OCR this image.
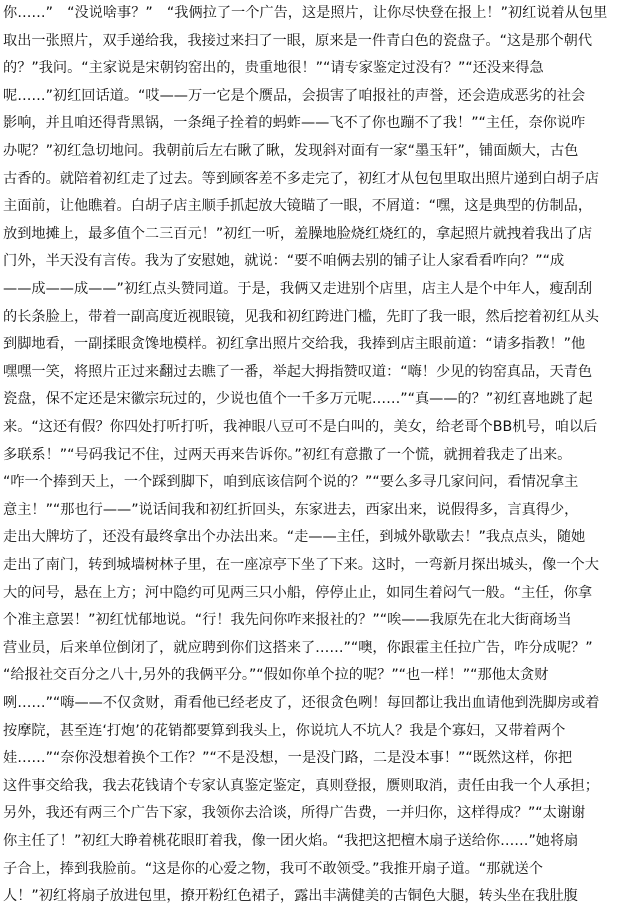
你……”　“没说啥事？”　“我俩拉了一个广告，这是照片，让你尽快登在报上！”初红说着从包里
取出一张照片，双手递给我，我接过来扫了一眼，原来是一件青白色的瓷盘子。“这是那个朝代
的？”我问。“主家说是宋朝钧窑出的，贵重地很！”“请专家鉴定过没有？”“还没来得急
呢……”初红回话道。“哎——万一它是个赝品，会损害了咱报社的声誉，还会造成恶劣的社会
影响，并且咱还得背黑锅，一条绳子拴着的蚂蚱——飞不了你也蹦不了我！”“主任，奈你说咋
办呢？”初红急切地问。我朝前后左右瞅了瞅，发现斜对面有一家“墨玉轩”，铺面颇大，古色
古香的。就陪着初红走了过去。等到顾客差不多走完了，初红才从包包里取出照片递到白胡子店
主面前，让他瞧着。白胡子店主顺手抓起放大镜瞄了一眼，不屑道：“嘿，这是典型的仿制品，
放到地摊上，最多值个二三百元！”初红一听，羞臊地脸烧红烧红的，拿起照片就拽着我出了店
门外，半天没有言传。我为了安慰她，就说：“要不咱俩去别的铺子让人家看看咋向？”“成
——成——成——”初红点头赞同道。于是，我俩又走进别个店里，店主人是个中年人，瘦刮刮
的长条脸上，带着一副高度近视眼镜，见我和初红跨进门槛，先盯了我一眼，然后挖着初红从头
到脚地看，一副揉眼贪馋地模样。初红拿出照片交给我，我捧到店主眼前道：“请多指教！”他
嘿嘿一笑，将照片正过来翻过去瞧了一番，举起大拇指赞叹道：“嗨！少见的钧窑真品，天青色
瓷盘，保不定还是宋徽宗玩过的，少说也值个一千多万元呢……”“真——的？”初红喜地跳了起
来。“这还有假？你四处打听打听，我神眼八豆可不是白叫的，美女，给老哥个BB机号，咱以后
多联系！”“号码我记不住，过两天再来告诉你。”初红有意撒了一个慌，就拥着我走了出来。
“咋一个捧到天上，一个踩到脚下，咱到底该信阿个说的？”“要么多寻几家问问，看情况拿主
意主！”“那也行——”说话间我和初红折回头，东家进去，西家出来，说假得多，言真得少，
走出大牌坊了，还没有最终拿出个办法出来。“走——主任，到城外歇歇去！”我点点头，随她
走出了南门，转到城墙树林子里，在一座凉亭下坐了下来。这时，一弯新月探出城头，像一个大
大的问号，悬在上方；河中隐约可见两三只小船，停停止止，如同生着闷气一般。“主任，你拿
个准主意罢！”初红忧郁地说。“行！我先问你咋来报社的？”“唉——我原先在北大街商场当
营业员，后来单位倒闭了，就应聘到你们这搭来了……”“噢，你跟霍主任拉广告，咋分成呢？”
“给报社交百分之八十,另外的我俩平分。”“假如你单个拉的呢？”“也一样！”“那他太贪财
咧……”“嗨——不仅贪财，甭看他已经老皮了，还很贪色咧！每回都让我出血请他到洗脚房或着
按摩院，甚至连‘打炮’的花销都要算到我头上，你说坑人不坑人？我是个寡妇，又带着两个
娃……”“奈你没想着换个工作？”“不是没想，一是没门路，二是没本事！”“既然这样，你把
这件事交给我，我去花钱请个专家认真鉴定鉴定，真则登报，赝则取消，责任由我一个人承担；
另外，我还有两三个广告下家，我领你去洽谈，所得广告费，一并归你，这样得成？”“太谢谢
你主任了！”初红大睁着桃花眼盯着我，像一团火焰。“我把这把檀木扇子送给你……”她将扇
子合上，捧到我脸前。“这是你的心爱之物，我可不敢领受。”我推开扇子道。“那就送个
人！”初红将扇子放进包里，撩开粉红色裙子，露出丰满健美的古铜色大腿，转头坐在我肚腹
